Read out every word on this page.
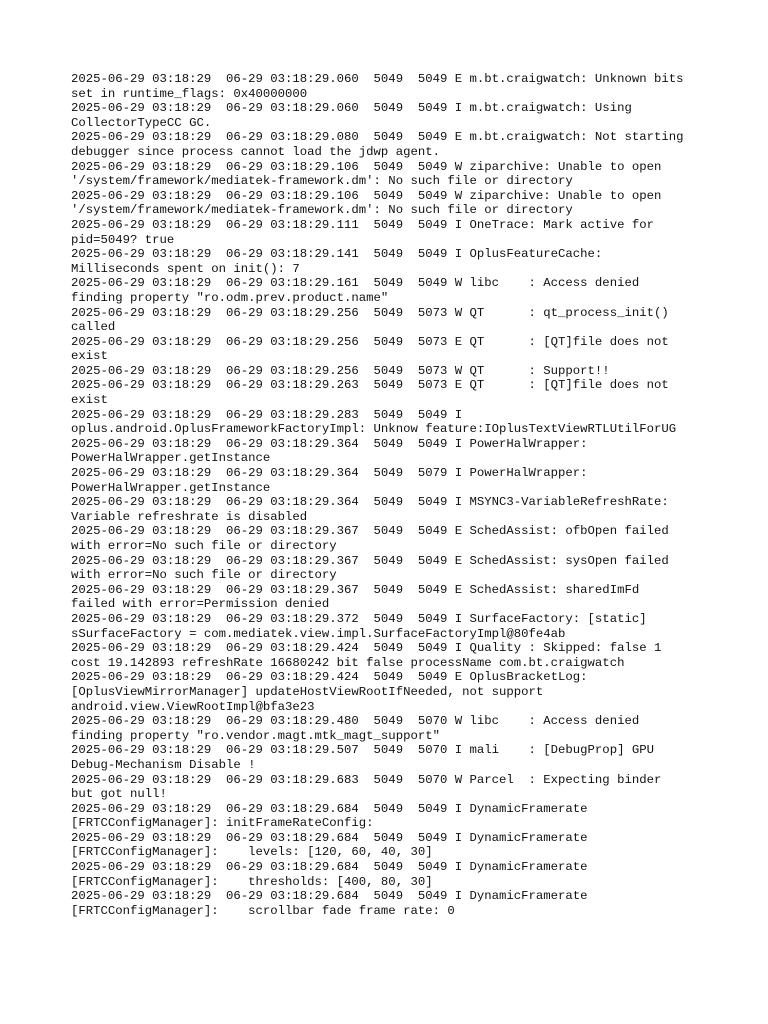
2025-06-29 03:18:29  06-29 03:18:29.060  5049  5049 E m.bt.craigwatch: Unknown bits
set in runtime_flags: 0x40000000

2025-06-29 03:18:29  06-29 03:18:29.060  5049  5049 I m.bt.craigwatch: Using
CollectorTypeCC GC.

2025-06-29 03:18:29  06-29 03:18:29.080  5049  5049 E m.bt.craigwatch: Not starting
debugger since process cannot load the jdwp agent.

2025-06-29 03:18:29  06-29 03:18:29.106  5049  5049 W ziparchive: Unable to open
'/system/framework/mediatek-framework.dm': No such file or directory

2025-06-29 03:18:29  06-29 03:18:29.106  5049  5049 W ziparchive: Unable to open
'/system/framework/mediatek-framework.dm': No such file or directory

2025-06-29 03:18:29  06-29 03:18:29.111  5049  5049 I OneTrace: Mark active for
pid=5049? true

2025-06-29 03:18:29  06-29 03:18:29.141  5049  5049 I OplusFeatureCache:
Milliseconds spent on init(): 7

2025-06-29 03:18:29  06-29 03:18:29.161  5049  5049 W libc    : Access denied
finding property "ro.odm.prev.product.name"

2025-06-29 03:18:29  06-29 03:18:29.256  5049  5073 W QT      : qt_process_init()
called

2025-06-29 03:18:29  06-29 03:18:29.256  5049  5073 E QT      : [QT]file does not
exist

2025-06-29 03:18:29  06-29 03:18:29.256  5049  5073 W QT      : Support!!

2025-06-29 03:18:29  06-29 03:18:29.263  5049  5073 E QT      : [QT]file does not
exist

2025-06-29 03:18:29  06-29 03:18:29.283  5049  5049 I
oplus.android.OplusFrameworkFactoryImpl: Unknow feature:IOplusTextViewRTLUtilForUG

2025-06-29 03:18:29  06-29 03:18:29.364  5049  5049 I PowerHalWrapper:
PowerHalWrapper.getInstance

2025-06-29 03:18:29  06-29 03:18:29.364  5049  5079 I PowerHalWrapper:
PowerHalWrapper.getInstance

2025-06-29 03:18:29  06-29 03:18:29.364  5049  5049 I MSYNC3-VariableRefreshRate:
Variable refreshrate is disabled

2025-06-29 03:18:29  06-29 03:18:29.367  5049  5049 E SchedAssist: ofbOpen failed
with error=No such file or directory

2025-06-29 03:18:29  06-29 03:18:29.367  5049  5049 E SchedAssist: sysOpen failed
with error=No such file or directory

2025-06-29 03:18:29  06-29 03:18:29.367  5049  5049 E SchedAssist: sharedImFd
failed with error=Permission denied

2025-06-29 03:18:29  06-29 03:18:29.372  5049  5049 I SurfaceFactory: [static]
sSurfaceFactory = com.mediatek.view.impl.SurfaceFactoryImpl@80fe4ab

2025-06-29 03:18:29  06-29 03:18:29.424  5049  5049 I Quality : Skipped: false 1
cost 19.142893 refreshRate 16680242 bit false processName com.bt.craigwatch

2025-06-29 03:18:29  06-29 03:18:29.424  5049  5049 E OplusBracketLog:
[OplusViewMirrorManager] updateHostViewRootIfNeeded, not support
android.view.ViewRootImpl@bfa3e23

2025-06-29 03:18:29  06-29 03:18:29.480  5049  5070 W libc    : Access denied
finding property "ro.vendor.magt.mtk_magt_support"

2025-06-29 03:18:29  06-29 03:18:29.507  5049  5070 I mali    : [DebugProp] GPU
Debug-Mechanism Disable !

2025-06-29 03:18:29  06-29 03:18:29.683  5049  5070 W Parcel  : Expecting binder
but got null!

2025-06-29 03:18:29  06-29 03:18:29.684  5049  5049 I DynamicFramerate
[FRTCConfigManager]: initFrameRateConfig:

2025-06-29 03:18:29  06-29 03:18:29.684  5049  5049 I DynamicFramerate
[FRTCConfigManager]:    levels: [120, 60, 40, 30]

2025-06-29 03:18:29  06-29 03:18:29.684  5049  5049 I DynamicFramerate
[FRTCConfigManager]:    thresholds: [400, 80, 30]

2025-06-29 03:18:29  06-29 03:18:29.684  5049  5049 I DynamicFramerate
[FRTCConfigManager]:    scrollbar fade frame rate: 0
